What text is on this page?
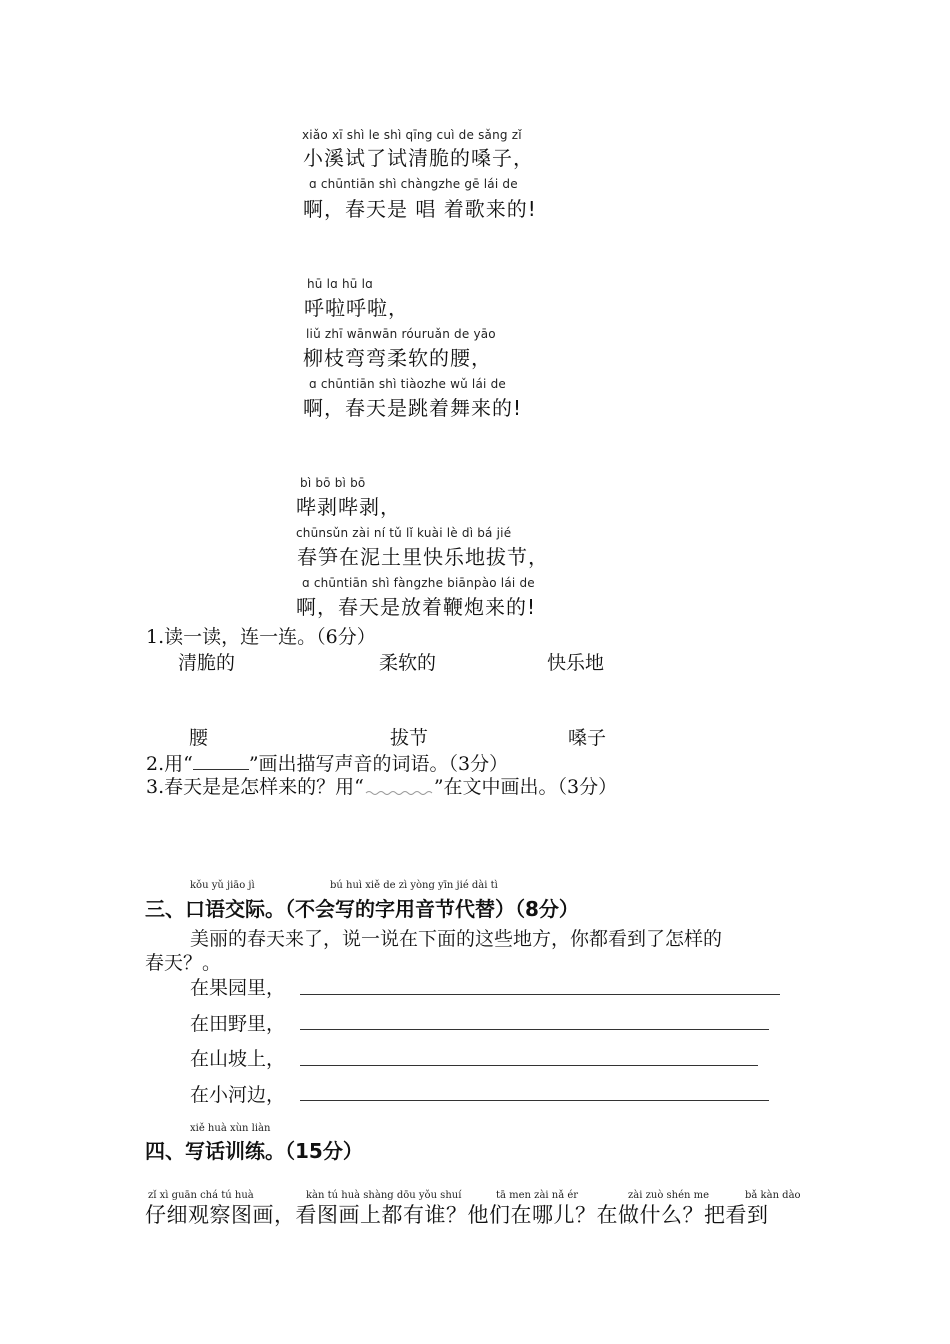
xiǎo xī shì le shì qīng cuì de sǎng zǐ
小溪试了试清脆的嗓子，
ɑ chūntiān shì chàngzhe gē lái de
啊，春天是 唱 着歌来的!
hū lɑ hū lɑ
呼啦呼啦，
liǔ zhī wānwān róuruǎn de yāo
柳枝弯弯柔软的腰，
ɑ chūntiān shì tiàozhe wǔ lái de
啊，春天是跳着舞来的!
bì bō bì bō
哔剥哔剥，
chūnsǔn zài ní tǔ lǐ kuài lè dì bá jié
春笋在泥土里快乐地拔节，
ɑ chūntiān shì fàngzhe biānpào lái de
啊，春天是放着鞭炮来的!
1.读一读，连一连。（6分）
清脆的	柔软的	快乐地
腰	拔节	嗓子
2.用“	”画出描写声音的词语。（3分）
3.春天是是怎样来的？用“	”在文中画出。（3分）
kǒu yǔ jiāo jì	bú huì xiě de zì yòng yīn jié dài tì
三、口语交际。（不会写的字用音节代替）（8分）
美丽的春天来了，说一说在下面的这些地方，你都看到了怎样的
春天？。
在果园里，
在田野里，
在山坡上，
在小河边，
xiě huà xùn liàn
四、写话训练。（15分）
zǐ xì guān chá tú huà	kàn tú huà shàng dōu yǒu shuí	tā men zài nǎ ér	zài zuò shén me	bǎ kàn dào
仔细观察图画，看图画上都有谁？他们在哪儿？在做什么？把看到
